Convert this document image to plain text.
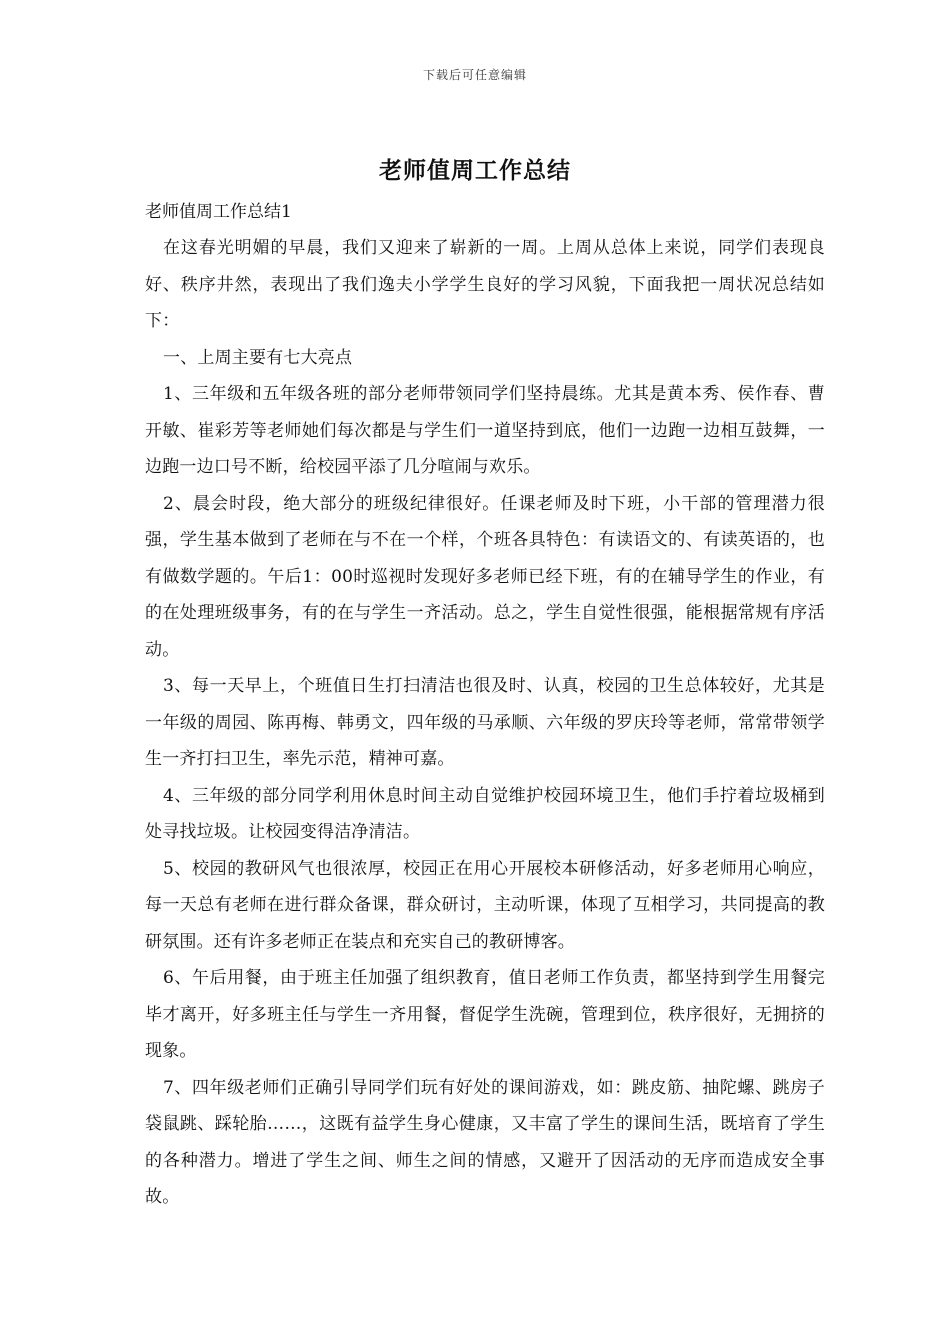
下载后可任意编辑
老师值周工作总结

老师值周工作总结1

在这春光明媚的早晨，我们又迎来了崭新的一周。上周从总体上来说，同学们表现良好、秩序井然，表现出了我们逸夫小学学生良好的学习风貌，下面我把一周状况总结如下：

一、上周主要有七大亮点

1、三年级和五年级各班的部分老师带领同学们坚持晨练。尤其是黄本秀、侯作春、曹开敏、崔彩芳等老师她们每次都是与学生们一道坚持到底，他们一边跑一边相互鼓舞，一边跑一边口号不断，给校园平添了几分喧闹与欢乐。

2、晨会时段，绝大部分的班级纪律很好。任课老师及时下班，小干部的管理潜力很强，学生基本做到了老师在与不在一个样，个班各具特色：有读语文的、有读英语的，也有做数学题的。午后1：00时巡视时发现好多老师已经下班，有的在辅导学生的作业，有的在处理班级事务，有的在与学生一齐活动。总之，学生自觉性很强，能根据常规有序活动。

3、每一天早上，个班值日生打扫清洁也很及时、认真，校园的卫生总体较好，尤其是一年级的周园、陈再梅、韩勇文，四年级的马承顺、六年级的罗庆玲等老师，常常带领学生一齐打扫卫生，率先示范，精神可嘉。

4、三年级的部分同学利用休息时间主动自觉维护校园环境卫生，他们手拧着垃圾桶到处寻找垃圾。让校园变得洁净清洁。

5、校园的教研风气也很浓厚，校园正在用心开展校本研修活动，好多老师用心响应，每一天总有老师在进行群众备课，群众研讨，主动听课，体现了互相学习，共同提高的教研氛围。还有许多老师正在装点和充实自己的教研博客。

6、午后用餐，由于班主任加强了组织教育，值日老师工作负责，都坚持到学生用餐完毕才离开，好多班主任与学生一齐用餐，督促学生洗碗，管理到位，秩序很好，无拥挤的现象。

7、四年级老师们正确引导同学们玩有好处的课间游戏，如：跳皮筋、抽陀螺、跳房子袋鼠跳、踩轮胎……，这既有益学生身心健康，又丰富了学生的课间生活，既培育了学生的各种潜力。增进了学生之间、师生之间的情感，又避开了因活动的无序而造成安全事故。
